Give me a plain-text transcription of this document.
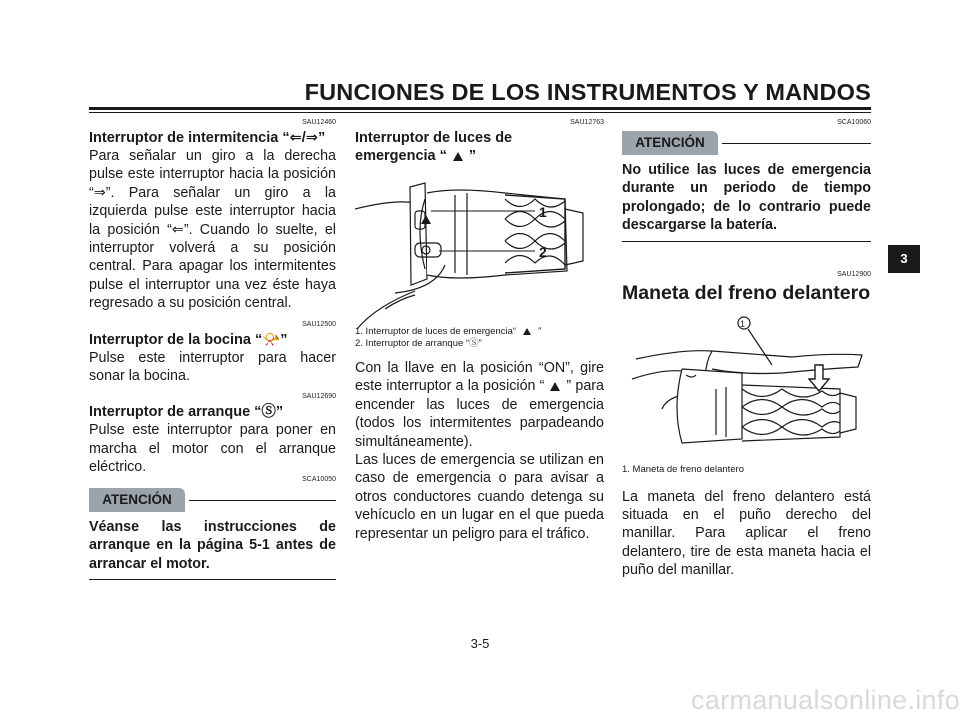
FUNCIONES DE LOS INSTRUMENTOS Y MANDOS
SAU12460
Interruptor de intermitencia “⇐/⇒”

Para señalar un giro a la derecha pulse este interruptor hacia la posición “⇒”. Para señalar un giro a la izquierda pulse este interruptor hacia la posición “⇐”. Cuando lo suelte, el interruptor volverá a su posición central. Para apagar los intermitentes pulse el interruptor una vez éste haya regresado a su posición central.

SAU12500
Interruptor de la bocina “📯”

Pulse este interruptor para hacer sonar la bocina.

SAU12690
Interruptor de arranque “Ⓢ”

Pulse este interruptor para poner en marcha el motor con el arranque eléctrico.

SCA10050
ATENCIÓN

Véanse las instrucciones de arranque en la página 5-1 antes de arrancar el motor.

SAU12763
Interruptor de luces de
emergencia “ ”
1
2
1. Interruptor de luces de emergencia“ ”
2. Interruptor de arranque “Ⓢ”

Con la llave en la posición “ON”, gire este interruptor a la posición “ ” para encender las luces de emergencia (todos los intermitentes parpadeando simultáneamente).

Las luces de emergencia se utilizan en caso de emergencia o para avisar a otros conductores cuando detenga su vehícuclo en un lugar en el que pueda representar un peligro para el tráfico.

SCA10060
ATENCIÓN

No utilice las luces de emergencia durante un periodo de tiempo prolongado; de lo contrario puede descargarse la batería.

SAU12900
Maneta del freno delantero
1
1. Maneta de freno delantero

La maneta del freno delantero está situada en el puño derecho del manillar. Para aplicar el freno delantero, tire de esta maneta hacia el puño del manillar.

3
3-5
carmanualsonline.info
